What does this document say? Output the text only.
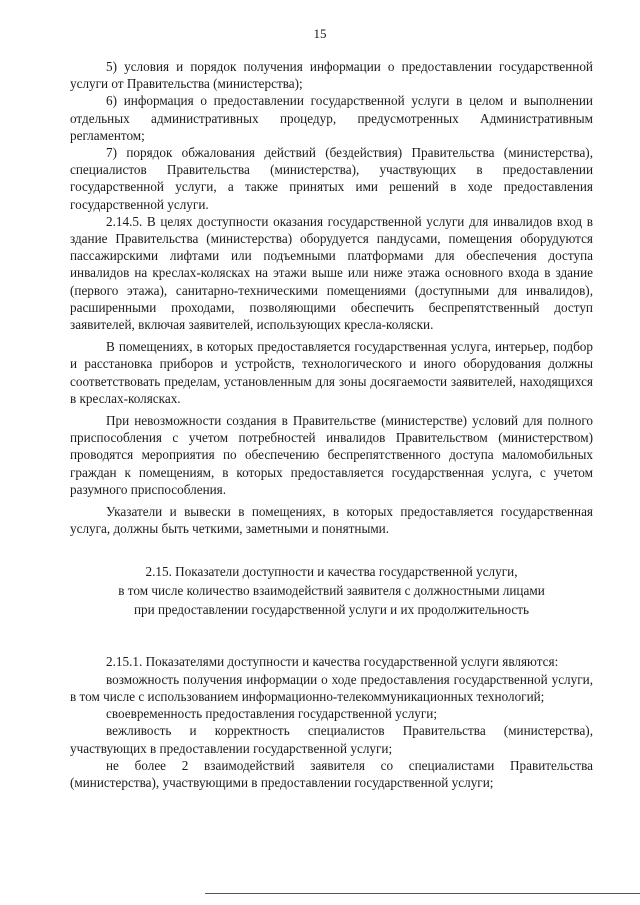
15

5) условия и порядок получения информации о предоставлении государственной услуги от Правительства (министерства);

6) информация о предоставлении государственной услуги в целом и выполнении отдельных административных процедур, предусмотренных Административным регламентом;

7) порядок обжалования действий (бездействия) Правительства (министерства), специалистов Правительства (министерства), участвующих в предоставлении государственной услуги, а также принятых ими решений в ходе предоставления государственной услуги.

2.14.5. В целях доступности оказания государственной услуги для инвалидов вход в здание Правительства (министерства) оборудуется пандусами, помещения оборудуются пассажирскими лифтами или подъемными платформами для обеспечения доступа инвалидов на креслах-колясках на этажи выше или ниже этажа основного входа в здание (первого этажа), санитарно-техническими помещениями (доступными для инвалидов), расширенными проходами, позволяющими обеспечить беспрепятственный доступ заявителей, включая заявителей, использующих кресла-коляски.

В помещениях, в которых предоставляется государственная услуга, интерьер, подбор и расстановка приборов и устройств, технологического и иного оборудования должны соответствовать пределам, установленным для зоны досягаемости заявителей, находящихся в креслах-колясках.

При невозможности создания в Правительстве (министерстве) условий для полного приспособления с учетом потребностей инвалидов Правительством (министерством) проводятся мероприятия по обеспечению беспрепятственного доступа маломобильных граждан к помещениям, в которых предоставляется государственная услуга, с учетом разумного приспособления.

Указатели и вывески в помещениях, в которых предоставляется государственная услуга, должны быть четкими, заметными и понятными.

2.15. Показатели доступности и качества государственной услуги,
в том числе количество взаимодействий заявителя с должностными лицами
при предоставлении государственной услуги и их продолжительность

2.15.1. Показателями доступности и качества государственной услуги являются:

возможность получения информации о ходе предоставления государственной услуги, в том числе с использованием информационно-телекоммуникационных технологий;

своевременность предоставления государственной услуги;

вежливость и корректность специалистов Правительства (министерства), участвующих в предоставлении государственной услуги;

не более 2 взаимодействий заявителя со специалистами Правительства (министерства), участвующими в предоставлении государственной услуги;
